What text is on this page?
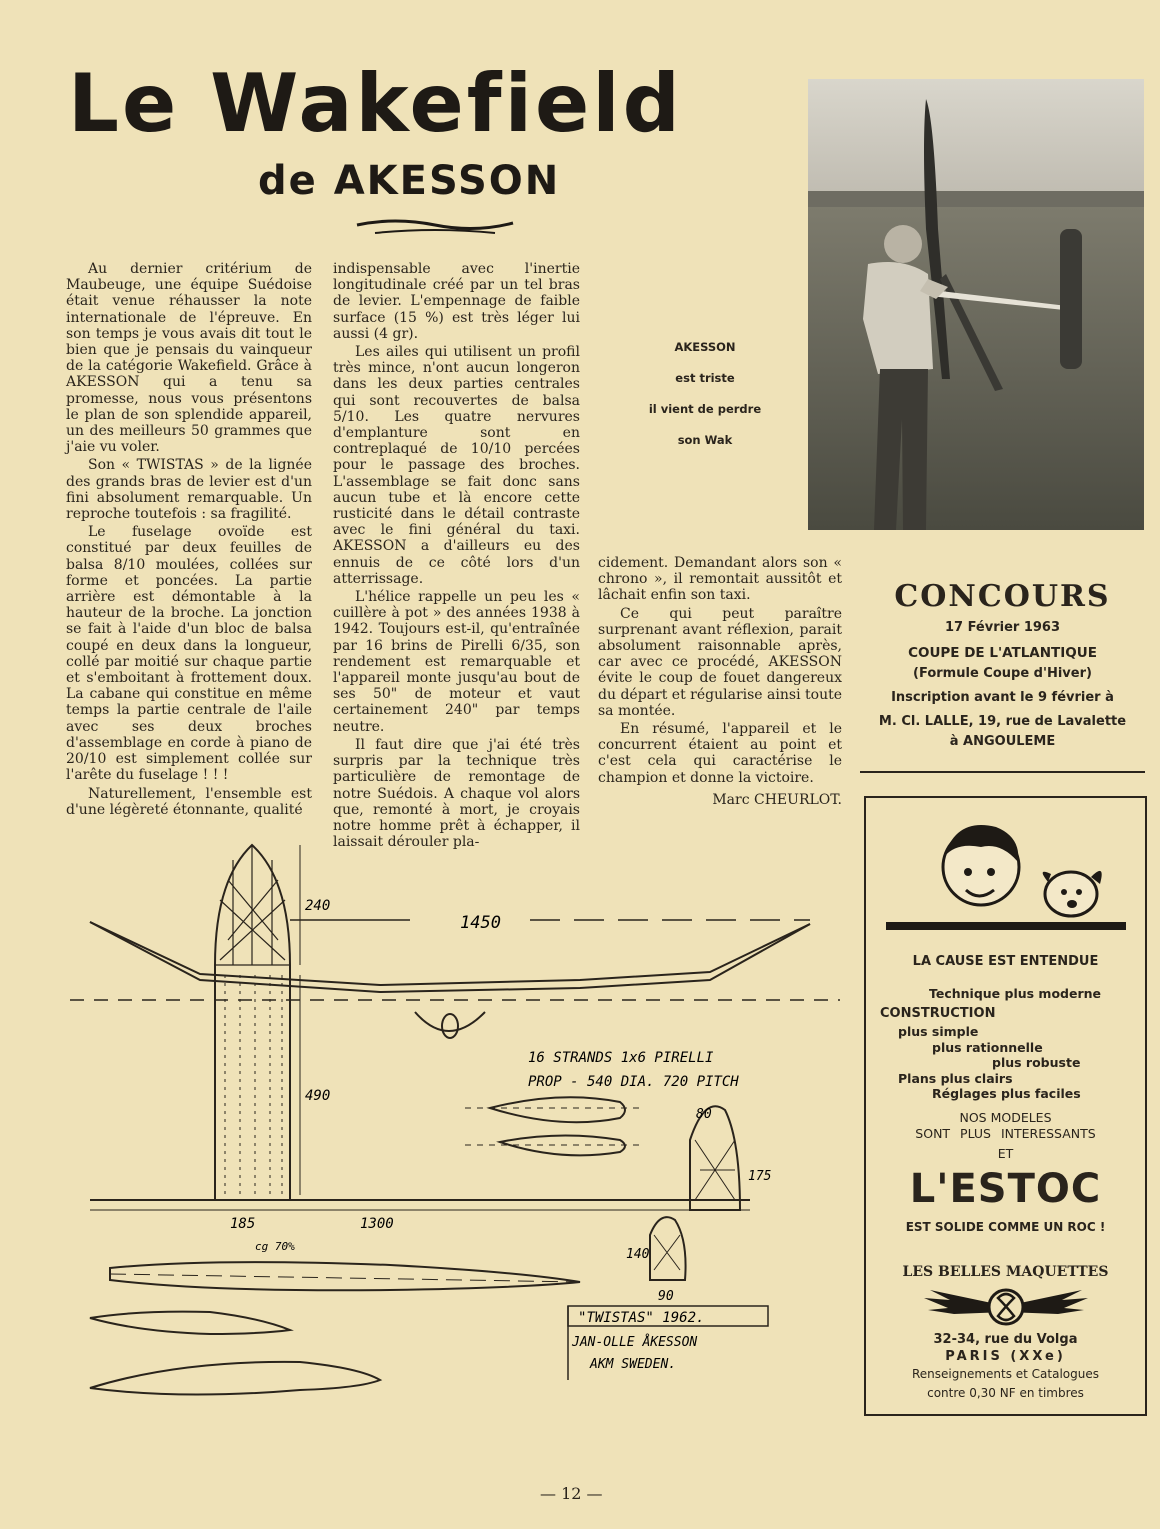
Le Wakefield
de AKESSON

Au dernier critérium de Maubeuge, une équipe Suédoise était venue réhausser la note internationale de l'épreuve. En son temps je vous avais dit tout le bien que je pensais du vainqueur de la catégorie Wakefield. Grâce à AKESSON qui a tenu sa promesse, nous vous présentons le plan de son splendide appareil, un des meilleurs 50 grammes que j'aie vu voler.

Son « TWISTAS » de la lignée des grands bras de levier est d'un fini absolument remarquable. Un reproche toutefois : sa fragilité.

Le fuselage ovoïde est constitué par deux feuilles de balsa 8/10 moulées, collées sur forme et poncées. La partie arrière est démontable à la hauteur de la broche. La jonction se fait à l'aide d'un bloc de balsa coupé en deux dans la longueur, collé par moitié sur chaque partie et s'emboitant à frottement doux. La cabane qui constitue en même temps la partie centrale de l'aile avec ses deux broches d'assemblage en corde à piano de 20/10 est simplement collée sur l'arête du fuselage ! ! !

Naturellement, l'ensemble est d'une légèreté étonnante, qualité

indispensable avec l'inertie longitudinale créé par un tel bras de levier. L'empennage de faible surface (15 %) est très léger lui aussi (4 gr).

Les ailes qui utilisent un profil très mince, n'ont aucun longeron dans les deux parties centrales qui sont recouvertes de balsa 5/10. Les quatre nervures d'emplanture sont en contreplaqué de 10/10 percées pour le passage des broches. L'assemblage se fait donc sans aucun tube et là encore cette rusticité dans le détail contraste avec le fini général du taxi. AKESSON a d'ailleurs eu des ennuis de ce côté lors d'un atterrissage.

L'hélice rappelle un peu les « cuillère à pot » des années 1938 à 1942. Toujours est-il, qu'entraînée par 16 brins de Pirelli 6/35, son rendement est remarquable et l'appareil monte jusqu'au bout de ses 50" de moteur et vaut certainement 240" par temps neutre.

Il faut dire que j'ai été très surpris par la technique très particulière de remontage de notre Suédois. A chaque vol alors que, remonté à mort, je croyais notre homme prêt à échapper, il laissait dérouler pla-

cidement. Demandant alors son « chrono », il remontait aussitôt et lâchait enfin son taxi.

Ce qui peut paraître surprenant avant réflexion, parait absolument raisonnable après, car avec ce procédé, AKESSON évite le coup de fouet dangereux du départ et régularise ainsi toute sa montée.

En résumé, l'appareil et le concurrent étaient au point et c'est cela qui caractérise le champion et donne la victoire.

Marc CHEURLOT.
AKESSON
est triste
il vient de perdre
son Wak
CONCOURS
17 Février 1963
COUPE DE L'ATLANTIQUE
(Formule Coupe d'Hiver)
Inscription avant le 9 février à
M. Cl. LALLE, 19, rue de Lavalette
à ANGOULEME
LA CAUSE EST ENTENDUE
Technique plus moderne
CONSTRUCTION
plus simple
plus rationnelle
plus robuste
Plans plus clairs
Réglages plus faciles
NOS MODELES
SONT PLUS INTERESSANTS
ET
L'ESTOC
EST SOLIDE COMME UN ROC !
LES BELLES MAQUETTES
32-34, rue du Volga
PARIS (XXe)
Renseignements et Catalogues
contre 0,30 NF en timbres
1450
240
490
185	1300
80
175
140
90
cg 70%
16 STRANDS 1x6 PIRELLI
PROP - 540 DIA. 720 PITCH
"TWISTAS" 1962.
JAN-OLLE ÅKESSON
AKM SWEDEN.
— 12 —
